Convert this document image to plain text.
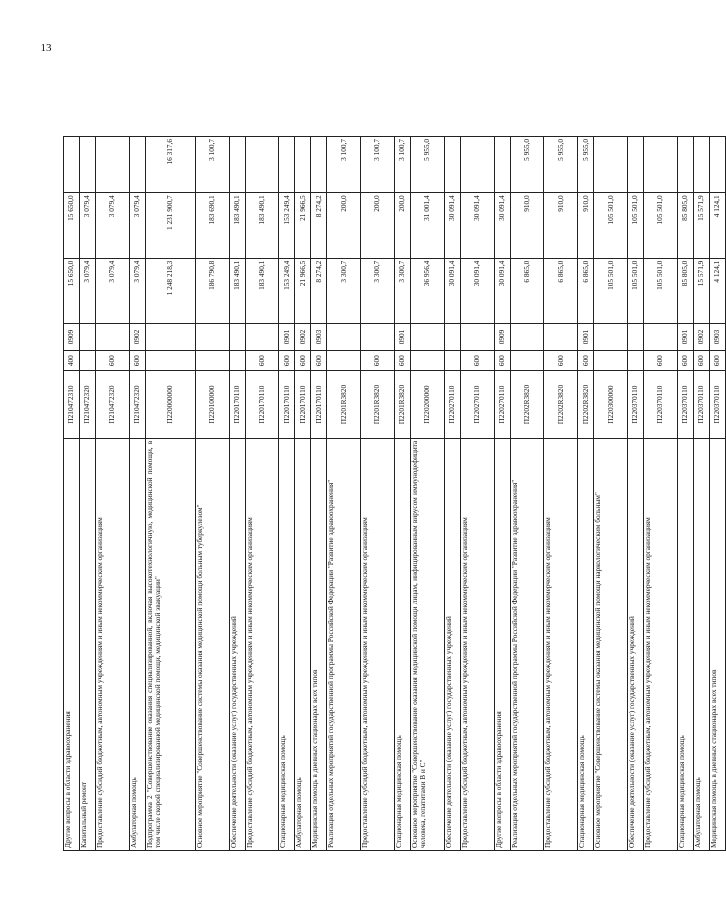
13
Другие вопросы в области здравоохранения	П210472310	400	0909	15 650,0	15 650,0	
Капитальный ремонт	П210472320			3 079,4	3 079,4	
Предоставление субсидий бюджетным, автономным учреждениям и иным некоммерческим организациям	П210472320	600		3 079,4	3 079,4	
Амбулаторная помощь	П210472320	600	0902	3 079,4	3 079,4	
Подпрограмма 2 "Совершенствование оказания специализированной, включая высокотехнологичную, медицинской помощи, в том числе скорой специализированной медицинской помощи, медицинской эвакуации"	П220000000			1 248 218,3	1 231 900,7	16 317,6
Основное мероприятие "Совершенствование системы оказания медицинской помощи больным туберкулезом"	П220100000			186 790,8	183 690,1	3 100,7
Обеспечение деятельности (оказание услуг) государственных учреждений	П220170110			183 490,1	183 490,1	
Предоставление субсидий бюджетным, автономным учреждениям и иным некоммерческим организациям	П220170110	600		183 490,1	183 490,1	
Стационарная медицинская помощь	П220170110	600	0901	153 249,4	153 249,4	
Амбулаторная помощь	П220170110	600	0902	21 966,5	21 966,5	
Медицинская помощь в дневных стационарах всех типов	П220170110	600	0903	8 274,2	8 274,2	
Реализация отдельных мероприятий государственной программы Российской Федерации "Развитие здравоохранения"	П2201R3820			3 300,7	200,0	3 100,7
Предоставление субсидий бюджетным, автономным учреждениям и иным некоммерческим организациям	П2201R3820	600		3 300,7	200,0	3 100,7
Стационарная медицинская помощь	П2201R3820	600	0901	3 300,7	200,0	3 100,7
Основное мероприятие "Совершенствование оказания медицинской помощи лицам, инфицированным вирусом иммунодефицита человека, гепатитами В и С"	П220200000			36 956,4	31 001,4	5 955,0
Обеспечение деятельности (оказание услуг) государственных учреждений	П220270110			30 091,4	30 091,4	
Предоставление субсидий бюджетным, автономным учреждениям и иным некоммерческим организациям	П220270110	600		30 091,4	30 091,4	
Другие вопросы в области здравоохранения	П220270110	600	0909	30 091,4	30 091,4	
Реализация отдельных мероприятий государственной программы Российской Федерации "Развитие здравоохранения"	П2202R3820			6 865,0	910,0	5 955,0
Предоставление субсидий бюджетным, автономным учреждениям и иным некоммерческим организациям	П2202R3820	600		6 865,0	910,0	5 955,0
Стационарная медицинская помощь	П2202R3820	600	0901	6 865,0	910,0	5 955,0
Основное мероприятие "Совершенствование системы оказания медицинской помощи наркологическим больным"	П220300000			105 501,0	105 501,0	
Обеспечение деятельности (оказание услуг) государственных учреждений	П220370110			105 501,0	105 501,0	
Предоставление субсидий бюджетным, автономным учреждениям и иным некоммерческим организациям	П220370110	600		105 501,0	105 501,0	
Стационарная медицинская помощь	П220370110	600	0901	85 805,0	85 805,0	
Амбулаторная помощь	П220370110	600	0902	15 571,9	15 571,9	
Медицинская помощь в дневных стационарах всех типов	П220370110	600	0903	4 124,1	4 124,1	
